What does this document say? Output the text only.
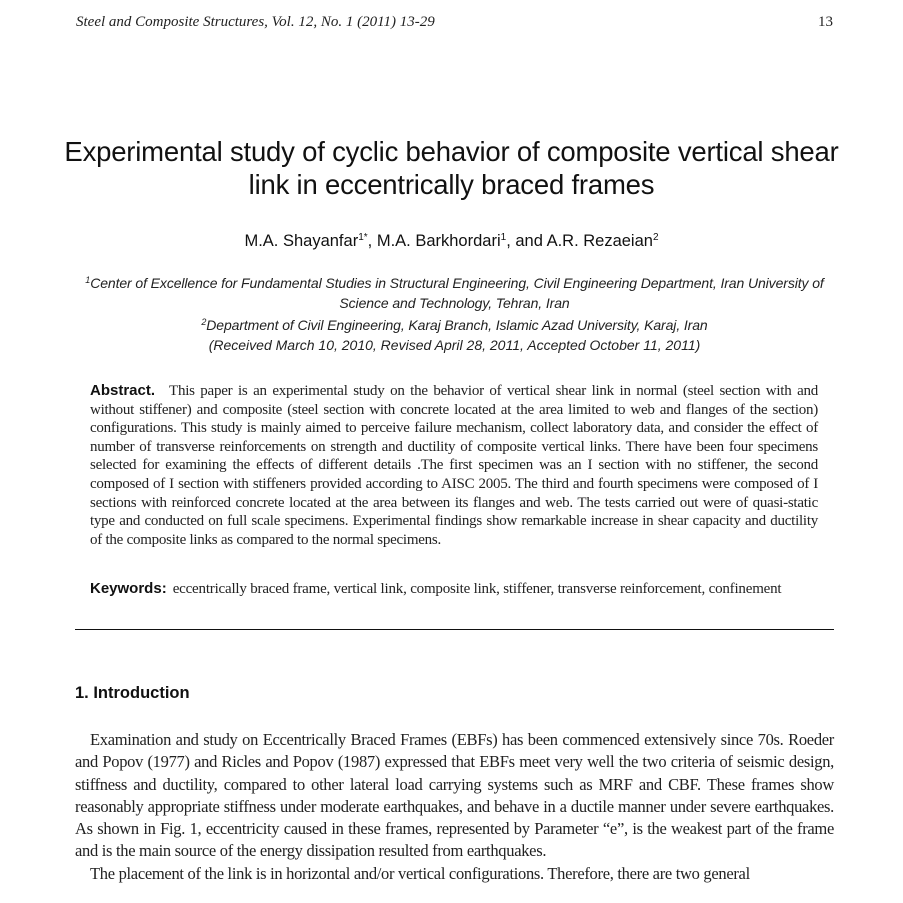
Steel and Composite Structures, Vol. 12, No. 1 (2011) 13-29	13
Experimental study of cyclic behavior of composite vertical shear link in eccentrically braced frames
M.A. Shayanfar$^{1*}$, M.A. Barkhordari$^1$, and A.R. Rezaeian$^2$
$^1$Center of Excellence for Fundamental Studies in Structural Engineering, Civil Engineering Department, Iran University of Science and Technology, Tehran, Iran
$^2$Department of Civil Engineering, Karaj Branch, Islamic Azad University, Karaj, Iran
(Received March 10, 2010, Revised April 28, 2011, Accepted October 11, 2011)
Abstract. This paper is an experimental study on the behavior of vertical shear link in normal (steel section with and without stiffener) and composite (steel section with concrete located at the area limited to web and flanges of the section) configurations. This study is mainly aimed to perceive failure mechanism, collect laboratory data, and consider the effect of number of transverse reinforcements on strength and ductility of composite vertical links. There have been four specimens selected for examining the effects of different details .The first specimen was an I section with no stiffener, the second composed of I section with stiffeners provided according to AISC 2005. The third and fourth specimens were composed of I sections with reinforced concrete located at the area between its flanges and web. The tests carried out were of quasi-static type and conducted on full scale specimens. Experimental findings show remarkable increase in shear capacity and ductility of the composite links as compared to the normal specimens.
Keywords: eccentrically braced frame, vertical link, composite link, stiffener, transverse reinforcement, confinement
1. Introduction

Examination and study on Eccentrically Braced Frames (EBFs) has been commenced extensively since 70s. Roeder and Popov (1977) and Ricles and Popov (1987) expressed that EBFs meet very well the two criteria of seismic design, stiffness and ductility, compared to other lateral load carrying systems such as MRF and CBF. These frames show reasonably appropriate stiffness under moderate earthquakes, and behave in a ductile manner under severe earthquakes. As shown in Fig. 1, eccentricity caused in these frames, represented by Parameter “e”, is the weakest part of the frame and is the main source of the energy dissipation resulted from earthquakes.

The placement of the link is in horizontal and/or vertical configurations. Therefore, there are two general
